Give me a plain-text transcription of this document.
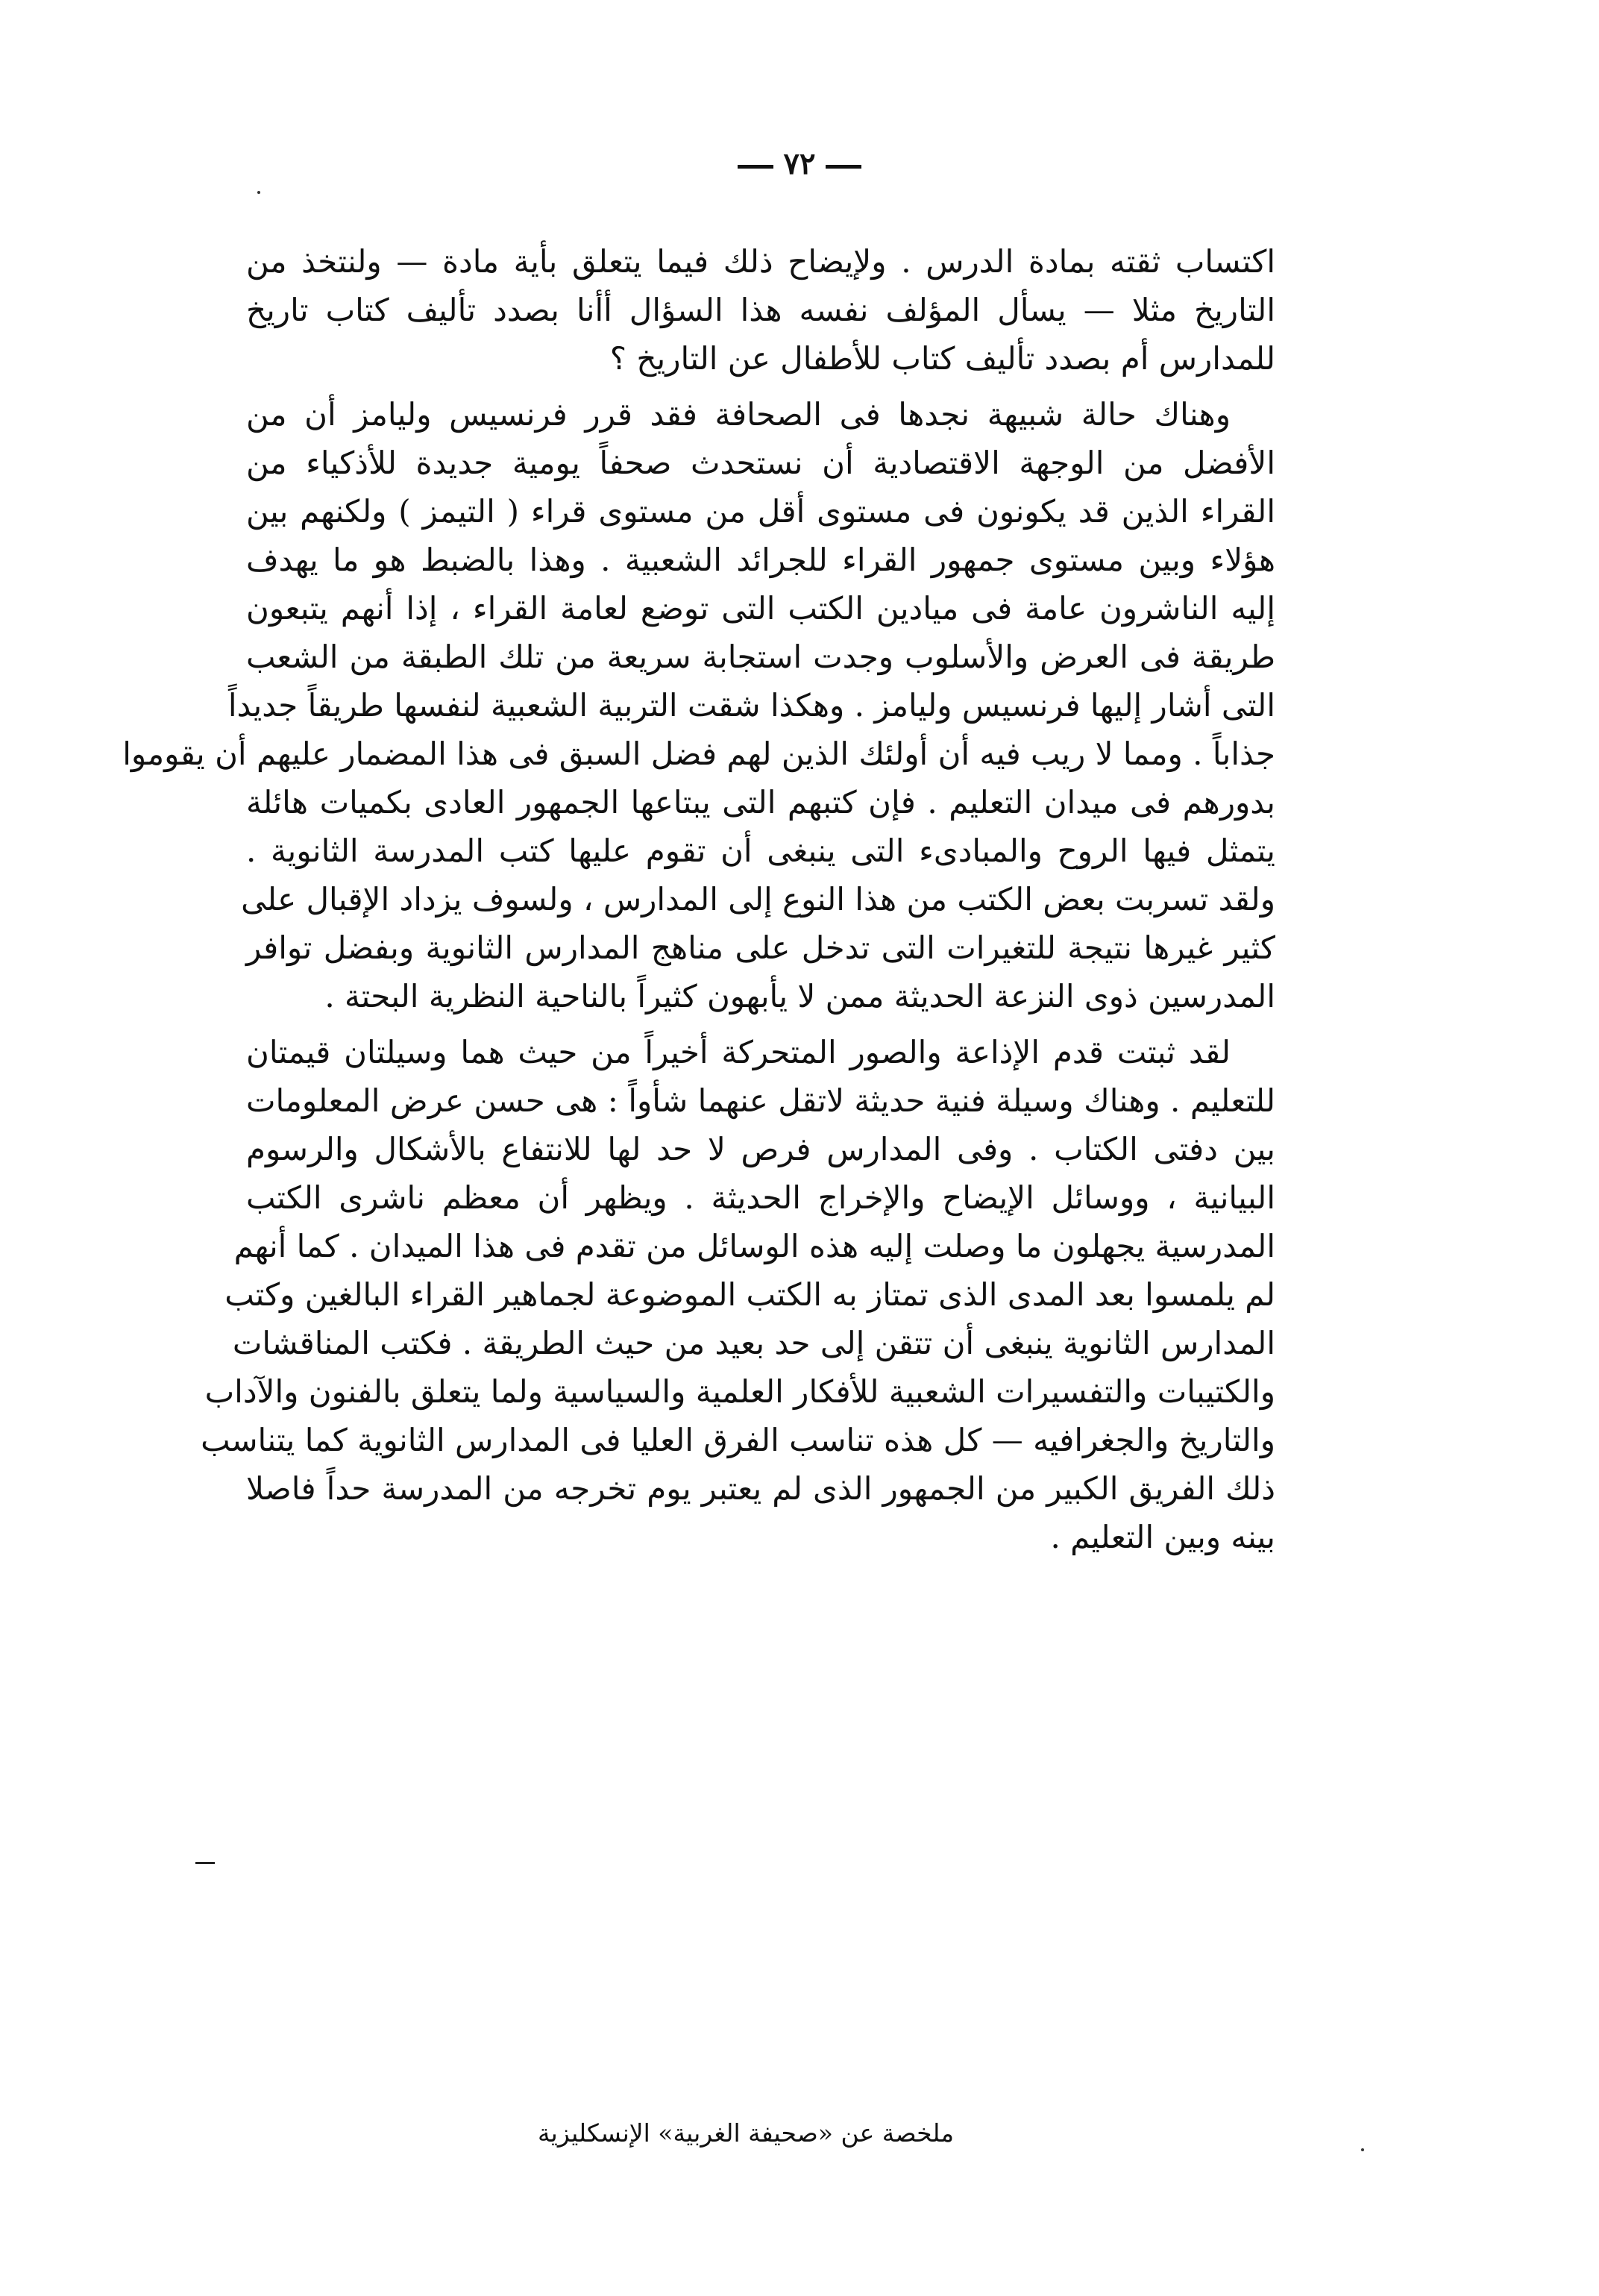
٧٢
اكتساب ثقته بمادة الدرس . ولإيضاح ذلك فيما يتعلق بأية مادة — ولنتخذ من
التاريخ مثلا — يسأل المؤلف نفسه هذا السؤال أأنا بصدد تأليف كتاب تاريخ
للمدارس أم بصدد تأليف كتاب للأطفال عن التاريخ ؟
وهناك حالة شبيهة نجدها فى الصحافة فقد قرر فرنسيس وليامز أن من
الأفضل من الوجهة الاقتصادية أن نستحدث صحفاً يومية جديدة للأذكياء من
القراء الذين قد يكونون فى مستوى أقل من مستوى قراء ( التيمز ) ولكنهم بين
هؤلاء وبين مستوى جمهور القراء للجرائد الشعبية . وهذا بالضبط هو ما يهدف
إليه الناشرون عامة فى ميادين الكتب التى توضع لعامة القراء ، إذا أنهم يتبعون
طريقة فى العرض والأسلوب وجدت استجابة سريعة من تلك الطبقة من الشعب
التى أشار إليها فرنسيس وليامز . وهكذا شقت التربية الشعبية لنفسها طريقاً جديداً
جذاباً . ومما لا ريب فيه أن أولئك الذين لهم فضل السبق فى هذا المضمار عليهم أن يقوموا
بدورهم فى ميدان التعليم . فإن كتبهم التى يبتاعها الجمهور العادى بكميات هائلة
يتمثل فيها الروح والمبادىء التى ينبغى أن تقوم عليها كتب المدرسة الثانوية .
ولقد تسربت بعض الكتب من هذا النوع إلى المدارس ، ولسوف يزداد الإقبال على
كثير غيرها نتيجة للتغيرات التى تدخل على مناهج المدارس الثانوية وبفضل توافر
المدرسين ذوى النزعة الحديثة ممن لا يأبهون كثيراً بالناحية النظرية البحتة .
لقد ثبتت قدم الإذاعة والصور المتحركة أخيراً من حيث هما وسيلتان قيمتان
للتعليم . وهناك وسيلة فنية حديثة لاتقل عنهما شأواً : هى حسن عرض المعلومات
بين دفتى الكتاب . وفى المدارس فرص لا حد لها للانتفاع بالأشكال والرسوم
البيانية ، ووسائل الإيضاح والإخراج الحديثة . ويظهر أن معظم ناشرى الكتب
المدرسية يجهلون ما وصلت إليه هذه الوسائل من تقدم فى هذا الميدان . كما أنهم
لم يلمسوا بعد المدى الذى تمتاز به الكتب الموضوعة لجماهير القراء البالغين وكتب
المدارس الثانوية ينبغى أن تتقن إلى حد بعيد من حيث الطريقة . فكتب المناقشات
والكتيبات والتفسيرات الشعبية للأفكار العلمية والسياسية ولما يتعلق بالفنون والآداب
والتاريخ والجغرافيه — كل هذه تناسب الفرق العليا فى المدارس الثانوية كما يتناسب
ذلك الفريق الكبير من الجمهور الذى لم يعتبر يوم تخرجه من المدرسة حداً فاصلا
بينه وبين التعليم .
ملخصة عن «صحيفة الغربية» الإنسكليزية
